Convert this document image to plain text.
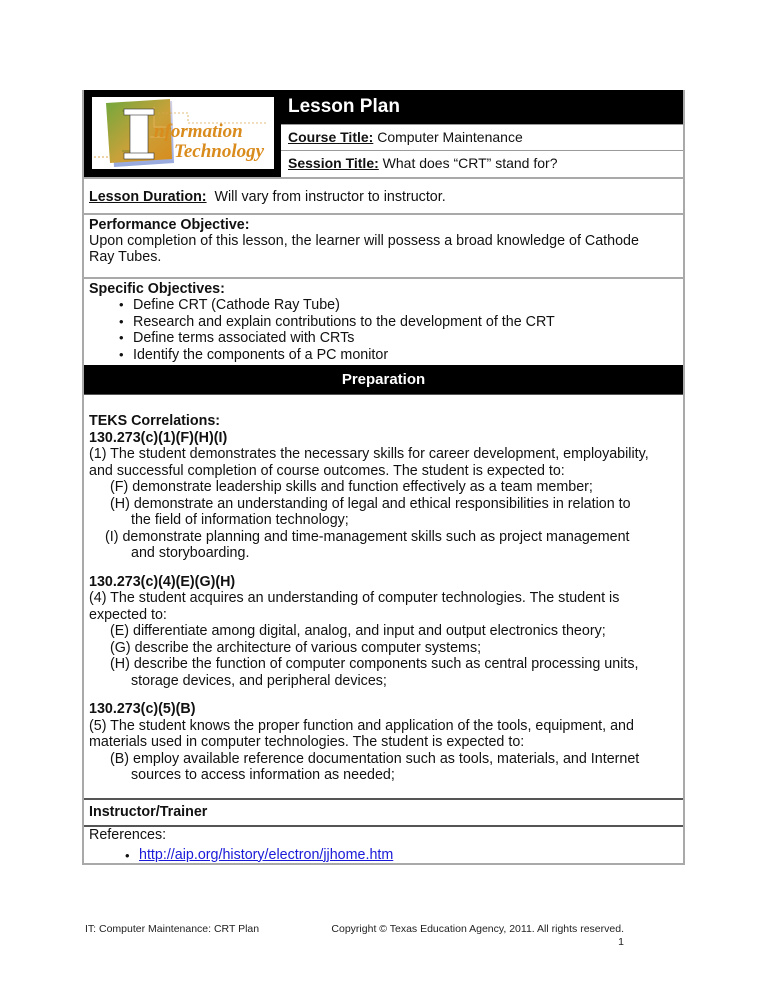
nformation
Technology
Lesson Plan
Course Title: Computer Maintenance
Session Title: What does “CRT” stand for?
Lesson Duration:  Will vary from instructor to instructor.
Performance Objective:
Upon completion of this lesson, the learner will possess a broad knowledge of Cathode Ray Tubes.
Specific Objectives:
• Define CRT (Cathode Ray Tube)
• Research and explain contributions to the development of the CRT
• Define terms associated with CRTs
• Identify the components of a PC monitor
Preparation

TEKS Correlations:

130.273(c)(1)(F)(H)(I)

(1) The student demonstrates the necessary skills for career development, employability, and successful completion of course outcomes. The student is expected to:

(F) demonstrate leadership skills and function effectively as a team member;

(H) demonstrate an understanding of legal and ethical responsibilities in relation to
the field of information technology;

(I) demonstrate planning and time-management skills such as project management
and storyboarding.

130.273(c)(4)(E)(G)(H)

(4) The student acquires an understanding of computer technologies. The student is expected to:

(E) differentiate among digital, analog, and input and output electronics theory;

(G) describe the architecture of various computer systems;

(H) describe the function of computer components such as central processing units,
storage devices, and peripheral devices;

130.273(c)(5)(B)

(5) The student knows the proper function and application of the tools, equipment, and materials used in computer technologies. The student is expected to:

(B) employ available reference documentation such as tools, materials, and Internet
sources to access information as needed;

Instructor/Trainer
References:
• http://aip.org/history/electron/jjhome.htm
IT: Computer Maintenance: CRT Plan	Copyright © Texas Education Agency, 2011. All rights reserved.
1
